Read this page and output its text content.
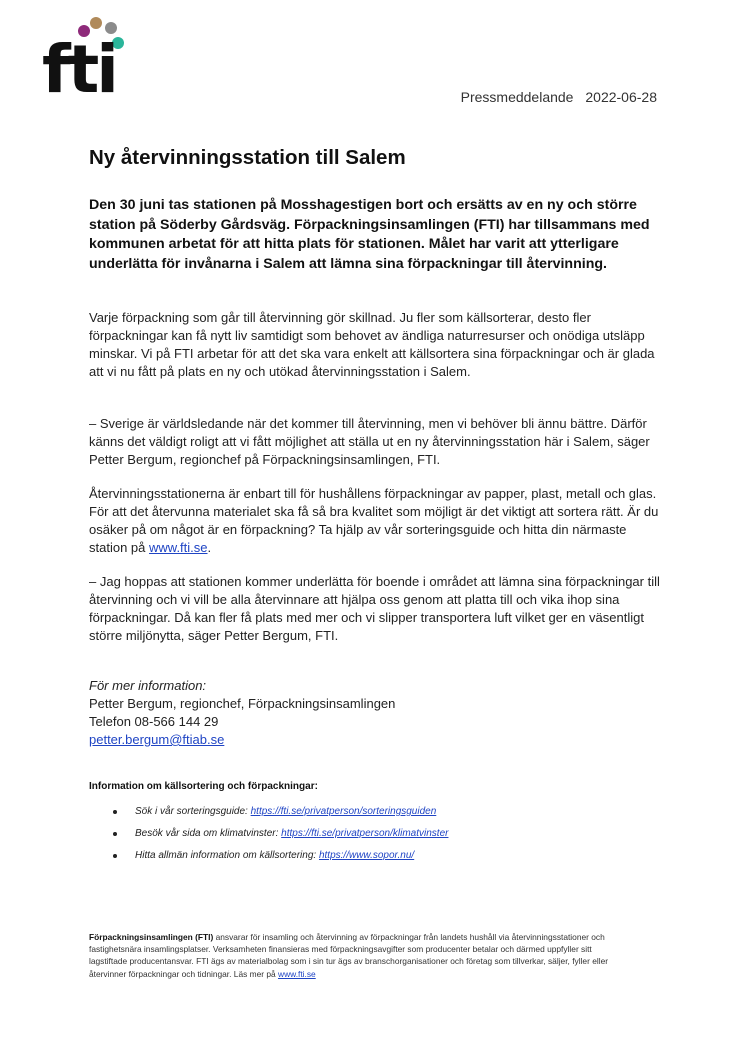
fti	Pressmeddelande 2022-06-28
Ny återvinningsstation till Salem

Den 30 juni tas stationen på Mosshagestigen bort och ersätts av en ny och större station på Söderby Gårdsväg. Förpackningsinsamlingen (FTI) har tillsammans med kommunen arbetat för att hitta plats för stationen. Målet har varit att ytterligare underlätta för invånarna i Salem att lämna sina förpackningar till återvinning.

Varje förpackning som går till återvinning gör skillnad. Ju fler som källsorterar, desto fler förpackningar kan få nytt liv samtidigt som behovet av ändliga naturresurser och onödiga utsläpp minskar. Vi på FTI arbetar för att det ska vara enkelt att källsortera sina förpackningar och är glada att vi nu fått på plats en ny och utökad återvinningsstation i Salem.

– Sverige är världsledande när det kommer till återvinning, men vi behöver bli ännu bättre. Därför känns det väldigt roligt att vi fått möjlighet att ställa ut en ny återvinningsstation här i Salem, säger Petter Bergum, regionchef på Förpackningsinsamlingen, FTI.

Återvinningsstationerna är enbart till för hushållens förpackningar av papper, plast, metall och glas. För att det återvunna materialet ska få så bra kvalitet som möjligt är det viktigt att sortera rätt. Är du osäker på om något är en förpackning? Ta hjälp av vår sorteringsguide och hitta din närmaste station på www.fti.se.

– Jag hoppas att stationen kommer underlätta för boende i området att lämna sina förpackningar till återvinning och vi vill be alla återvinnare att hjälpa oss genom att platta till och vika ihop sina förpackningar. Då kan fler få plats med mer och vi slipper transportera luft vilket ger en väsentligt större miljönytta, säger Petter Bergum, FTI.

För mer information:
Petter Bergum, regionchef, Förpackningsinsamlingen
Telefon 08-566 144 29
petter.bergum@ftiab.se

Information om källsortering och förpackningar:

Sök i vår sorteringsguide: https://fti.se/privatperson/sorteringsguiden
Besök vår sida om klimatvinster: https://fti.se/privatperson/klimatvinster
Hitta allmän information om källsortering: https://www.sopor.nu/

Förpackningsinsamlingen (FTI) ansvarar för insamling och återvinning av förpackningar från landets hushåll via återvinningsstationer och fastighetsnära insamlingsplatser. Verksamheten finansieras med förpackningsavgifter som producenter betalar och därmed uppfyller sitt lagstiftade producentansvar. FTI ägs av materialbolag som i sin tur ägs av branschorganisationer och företag som tillverkar, säljer, fyller eller återvinner förpackningar och tidningar. Läs mer på www.fti.se
